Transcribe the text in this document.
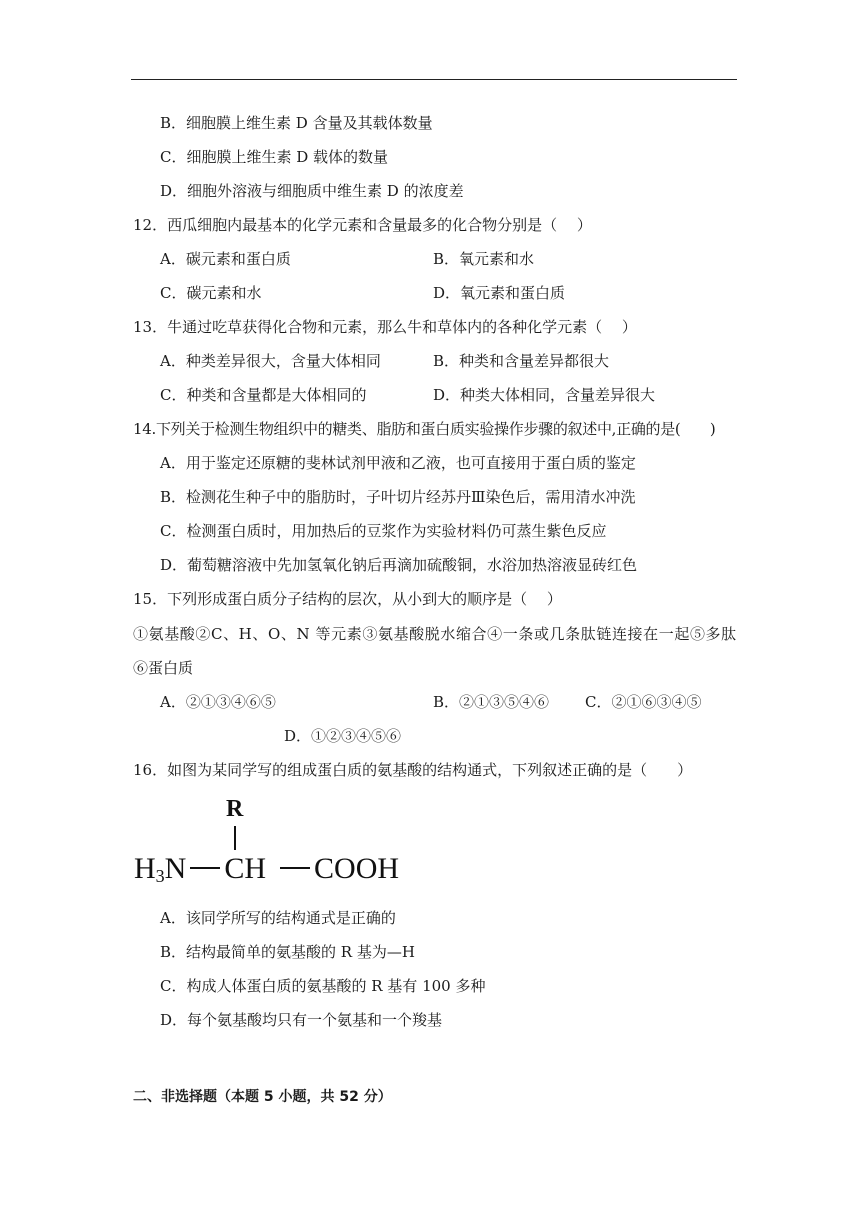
B．细胞膜上维生素 D 含量及其载体数量
C．细胞膜上维生素 D 载体的数量
D．细胞外溶液与细胞质中维生素 D 的浓度差
12．西瓜细胞内最基本的化学元素和含量最多的化合物分别是（　 ）
A．碳元素和蛋白质	B．氧元素和水
C．碳元素和水	D．氧元素和蛋白质
13．牛通过吃草获得化合物和元素，那么牛和草体内的各种化学元素（　 ）
A．种类差异很大，含量大体相同	B．种类和含量差异都很大
C．种类和含量都是大体相同的	D．种类大体相同，含量差异很大
14.下列关于检测生物组织中的糖类、脂肪和蛋白质实验操作步骤的叙述中,正确的是(　　)
A．用于鉴定还原糖的斐林试剂甲液和乙液，也可直接用于蛋白质的鉴定
B．检测花生种子中的脂肪时，子叶切片经苏丹Ⅲ染色后，需用清水冲洗
C．检测蛋白质时，用加热后的豆浆作为实验材料仍可蒸生紫色反应
D．葡萄糖溶液中先加氢氧化钠后再滴加硫酸铜，水浴加热溶液显砖红色
15．下列形成蛋白质分子结构的层次，从小到大的顺序是（　 ）
①氨基酸②C、H、O、N 等元素③氨基酸脱水缩合④一条或几条肽链连接在一起⑤多肽
⑥蛋白质
A．②①③④⑥⑤	B．②①③⑤④⑥ C．②①⑥③④⑤
D．①②③④⑤⑥
16．如图为某同学写的组成蛋白质的氨基酸的结构通式，下列叙述正确的是（　　）
R
$H_3N$ CH COOH
A．该同学所写的结构通式是正确的
B．结构最简单的氨基酸的 R 基为—H
C．构成人体蛋白质的氨基酸的 R 基有 100 多种
D．每个氨基酸均只有一个氨基和一个羧基
二、非选择题（本题 5 小题，共 52 分）
